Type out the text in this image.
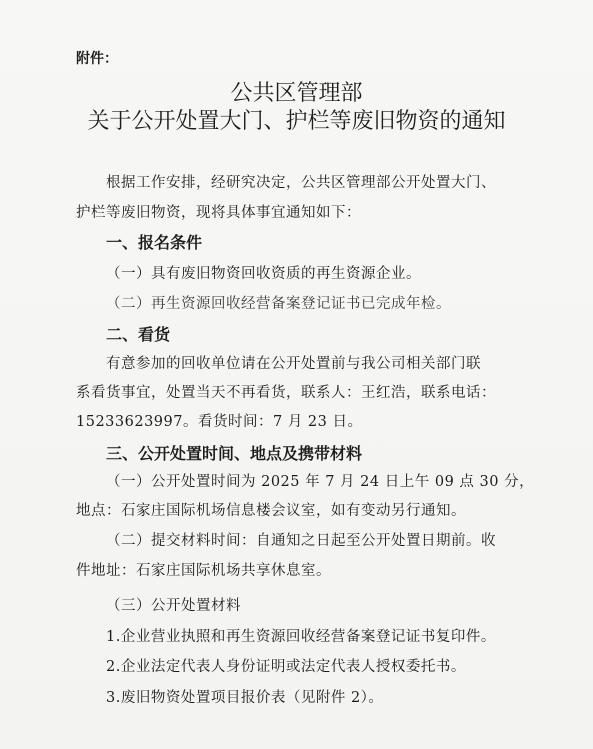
附件：
公共区管理部
关于公开处置大门、护栏等废旧物资的通知
根据工作安排，经研究决定，公共区管理部公开处置大门、
护栏等废旧物资，现将具体事宜通知如下：
一、报名条件
（一）具有废旧物资回收资质的再生资源企业。
（二）再生资源回收经营备案登记证书已完成年检。
二、看货
有意参加的回收单位请在公开处置前与我公司相关部门联
系看货事宜，处置当天不再看货，联系人：王红浩，联系电话：
15233623997。看货时间：7 月 23 日。
三、公开处置时间、地点及携带材料
（一）公开处置时间为 2025 年 7 月 24 日上午 09 点 30 分，
地点：石家庄国际机场信息楼会议室，如有变动另行通知。
（二）提交材料时间：自通知之日起至公开处置日期前。收
件地址：石家庄国际机场共享休息室。
（三）公开处置材料
1.企业营业执照和再生资源回收经营备案登记证书复印件。
2.企业法定代表人身份证明或法定代表人授权委托书。
3.废旧物资处置项目报价表（见附件 2）。
